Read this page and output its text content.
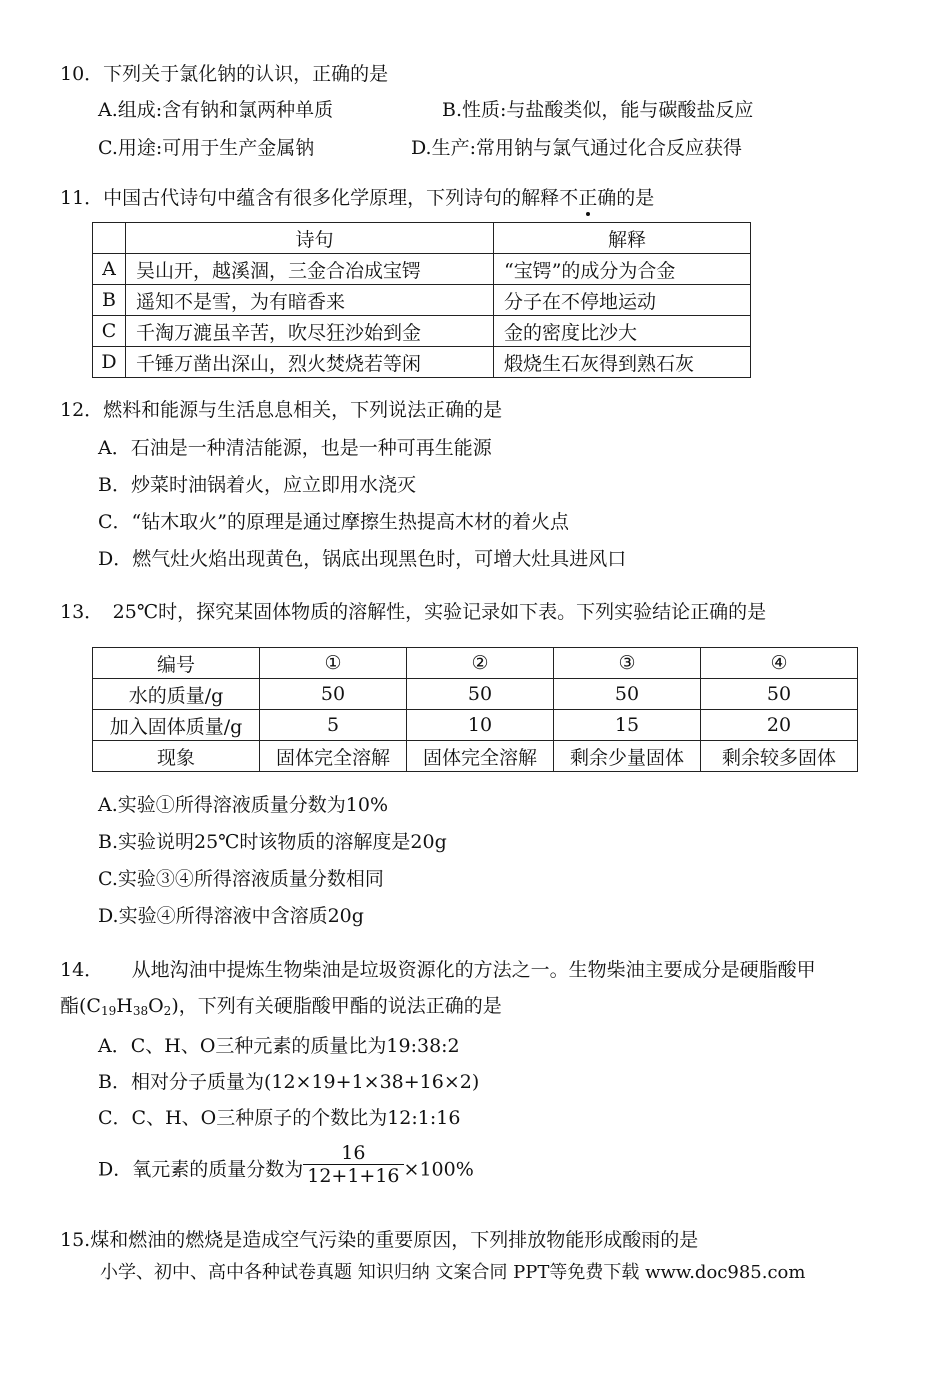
10．下列关于氯化钠的认识，正确的是
A.组成:含有钠和氯两种单质	B.性质:与盐酸类似，能与碳酸盐反应
C.用途:可用于生产金属钠	D.生产:常用钠与氯气通过化合反应获得
11．中国古代诗句中蕴含有很多化学原理，下列诗句的解释不正确的是
	诗句	解释
A	吴山开，越溪涸，三金合冶成宝锷	“宝锷”的成分为合金
B	遥知不是雪，为有暗香来	分子在不停地运动
C	千淘万漉虽辛苦，吹尽狂沙始到金	金的密度比沙大
D	千锤万凿出深山，烈火焚烧若等闲	煅烧生石灰得到熟石灰
12．燃料和能源与生活息息相关，下列说法正确的是
A．石油是一种清洁能源，也是一种可再生能源
B．炒菜时油锅着火，应立即用水浇灭
C．“钻木取火”的原理是通过摩擦生热提高木材的着火点
D．燃气灶火焰出现黄色，锅底出现黑色时，可增大灶具进风口
13．　25℃时，探究某固体物质的溶解性，实验记录如下表。下列实验结论正确的是
编号	①	②	③	④
水的质量/g	50	50	50	50
加入固体质量/g	5	10	15	20
现象	固体完全溶解	固体完全溶解	剩余少量固体	剩余较多固体
A.实验①所得溶液质量分数为10%
B.实验说明25℃时该物质的溶解度是20g
C.实验③④所得溶液质量分数相同
D.实验④所得溶液中含溶质20g
14．　　从地沟油中提炼生物柴油是垃圾资源化的方法之一。生物柴油主要成分是硬脂酸甲
酯$(C_{19}H_{38}O_2)$，下列有关硬脂酸甲酯的说法正确的是
A．C、H、O三种元素的质量比为19:38:2
B．相对分子质量为(12×19+1×38+16×2)
C．C、H、O三种原子的个数比为12:1:16
D．氧元素的质量分数为 $\frac{16}{12+1+16} \times 100\%$
15.煤和燃油的燃烧是造成空气污染的重要原因，下列排放物能形成酸雨的是
小学、初中、高中各种试卷真题 知识归纳 文案合同 PPT等免费下载 www.doc985.com
